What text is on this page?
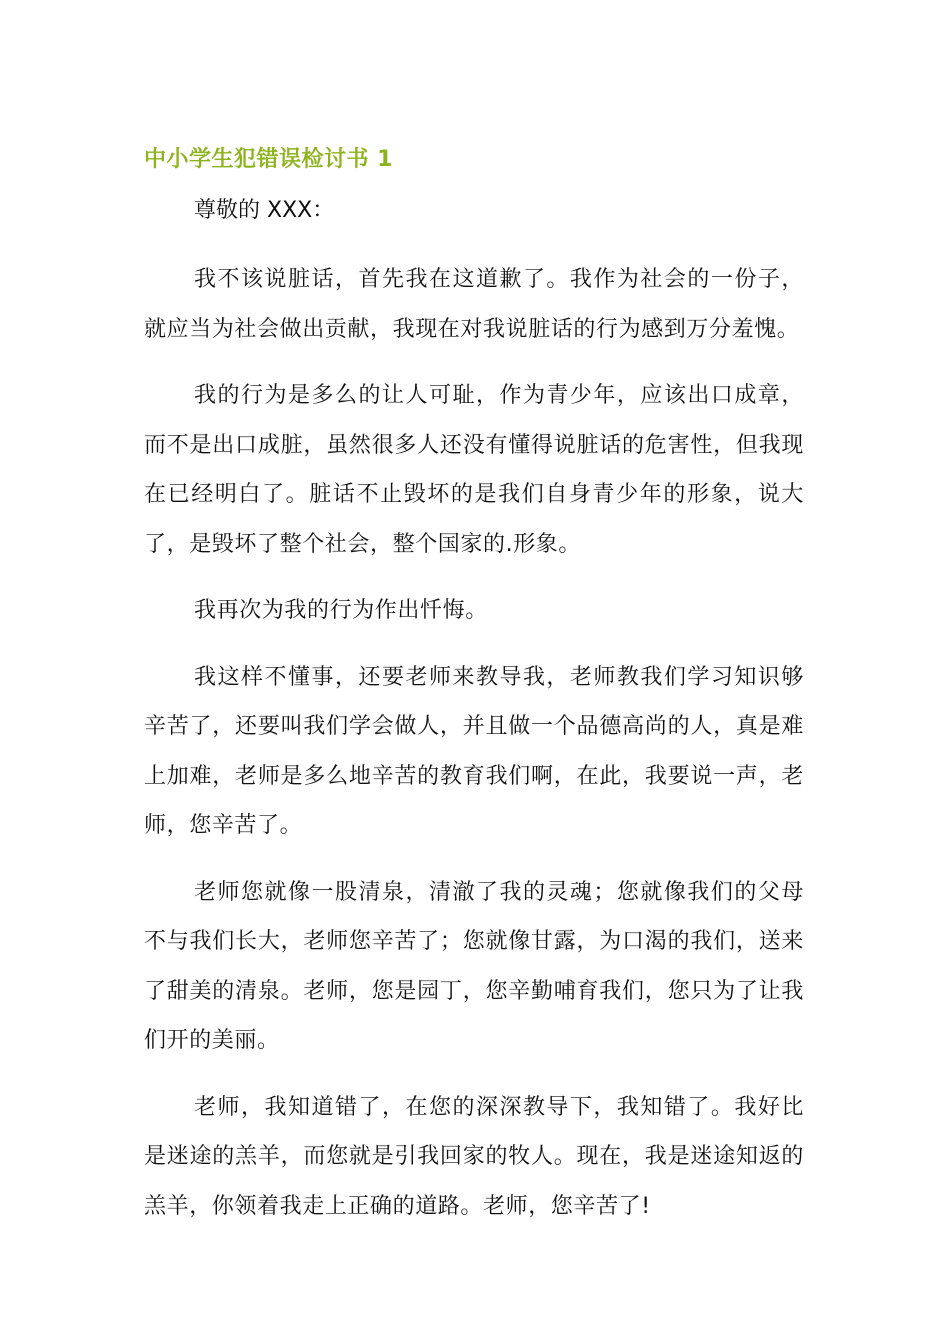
中小学生犯错误检讨书 1

尊敬的 XXX：

我不该说脏话，首先我在这道歉了。我作为社会的一份子，就应当为社会做出贡献，我现在对我说脏话的行为感到万分羞愧。

我的行为是多么的让人可耻，作为青少年，应该出口成章，而不是出口成脏，虽然很多人还没有懂得说脏话的危害性，但我现在已经明白了。脏话不止毁坏的是我们自身青少年的形象，说大了，是毁坏了整个社会，整个国家的.形象。

我再次为我的行为作出忏悔。

我这样不懂事，还要老师来教导我，老师教我们学习知识够辛苦了，还要叫我们学会做人，并且做一个品德高尚的人，真是难上加难，老师是多么地辛苦的教育我们啊，在此，我要说一声，老师，您辛苦了。

老师您就像一股清泉，清澈了我的灵魂；您就像我们的父母不与我们长大，老师您辛苦了；您就像甘露，为口渴的我们，送来了甜美的清泉。老师，您是园丁，您辛勤哺育我们，您只为了让我们开的美丽。

老师，我知道错了，在您的深深教导下，我知错了。我好比是迷途的羔羊，而您就是引我回家的牧人。现在，我是迷途知返的羔羊，你领着我走上正确的道路。老师，您辛苦了!
